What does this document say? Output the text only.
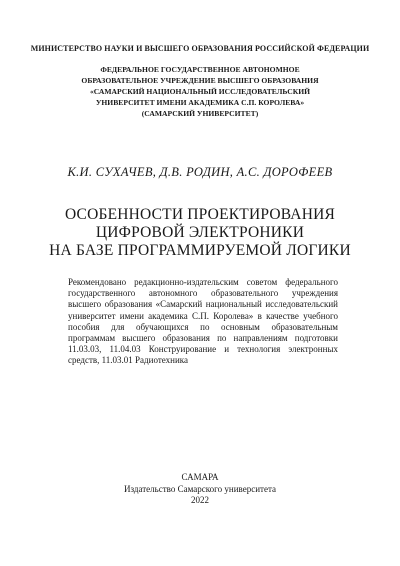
МИНИСТЕРСТВО НАУКИ И ВЫСШЕГО ОБРАЗОВАНИЯ РОССИЙСКОЙ ФЕДЕРАЦИИ
ФЕДЕРАЛЬНОЕ ГОСУДАРСТВЕННОЕ АВТОНОМНОЕ
ОБРАЗОВАТЕЛЬНОЕ УЧРЕЖДЕНИЕ ВЫСШЕГО ОБРАЗОВАНИЯ
«САМАРСКИЙ НАЦИОНАЛЬНЫЙ ИССЛЕДОВАТЕЛЬСКИЙ
УНИВЕРСИТЕТ ИМЕНИ АКАДЕМИКА С.П. КОРОЛЕВА»
(САМАРСКИЙ УНИВЕРСИТЕТ)
К.И. СУХАЧЕВ, Д.В. РОДИН, А.С. ДОРОФЕЕВ
ОСОБЕННОСТИ ПРОЕКТИРОВАНИЯ
ЦИФРОВОЙ ЭЛЕКТРОНИКИ
НА БАЗЕ ПРОГРАММИРУЕМОЙ ЛОГИКИ
Рекомендовано редакционно-издательским советом федерального
государственного автономного образовательного учреждения
высшего образования «Самарский национальный исследовательский
университет имени академика С.П. Королева» в качестве учебного
пособия для обучающихся по основным образовательным
программам высшего образования по направлениям подготовки
11.03.03, 11.04.03 Конструирование и технология электронных
средств, 11.03.01 Радиотехника
САМАРА
Издательство Самарского университета
2022
